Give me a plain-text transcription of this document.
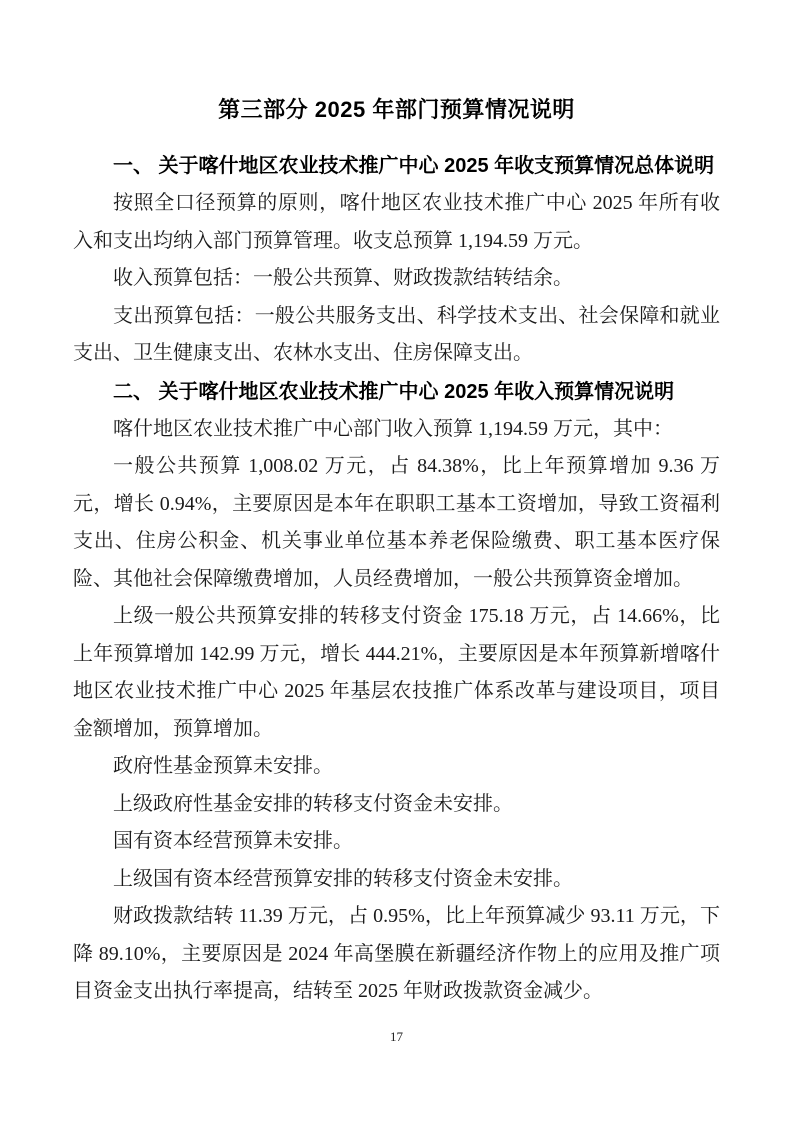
第三部分 2025 年部门预算情况说明
一、 关于喀什地区农业技术推广中心 2025 年收支预算情况总体说明

按照全口径预算的原则，喀什地区农业技术推广中心 2025 年所有收入和支出均纳入部门预算管理。收支总预算 1,194.59 万元。

收入预算包括：一般公共预算、财政拨款结转结余。

支出预算包括：一般公共服务支出、科学技术支出、社会保障和就业支出、卫生健康支出、农林水支出、住房保障支出。

二、 关于喀什地区农业技术推广中心 2025 年收入预算情况说明

喀什地区农业技术推广中心部门收入预算 1,194.59 万元，其中：

一般公共预算 1,008.02 万元，占 84.38%，比上年预算增加 9.36 万元，增长 0.94%，主要原因是本年在职职工基本工资增加，导致工资福利支出、住房公积金、机关事业单位基本养老保险缴费、职工基本医疗保险、其他社会保障缴费增加，人员经费增加，一般公共预算资金增加。

上级一般公共预算安排的转移支付资金 175.18 万元，占 14.66%，比上年预算增加 142.99 万元，增长 444.21%，主要原因是本年预算新增喀什地区农业技术推广中心 2025 年基层农技推广体系改革与建设项目，项目金额增加，预算增加。

政府性基金预算未安排。

上级政府性基金安排的转移支付资金未安排。

国有资本经营预算未安排。

上级国有资本经营预算安排的转移支付资金未安排。

财政拨款结转 11.39 万元，占 0.95%，比上年预算减少 93.11 万元，下降 89.10%，主要原因是 2024 年高堡膜在新疆经济作物上的应用及推广项目资金支出执行率提高，结转至 2025 年财政拨款资金减少。

17
